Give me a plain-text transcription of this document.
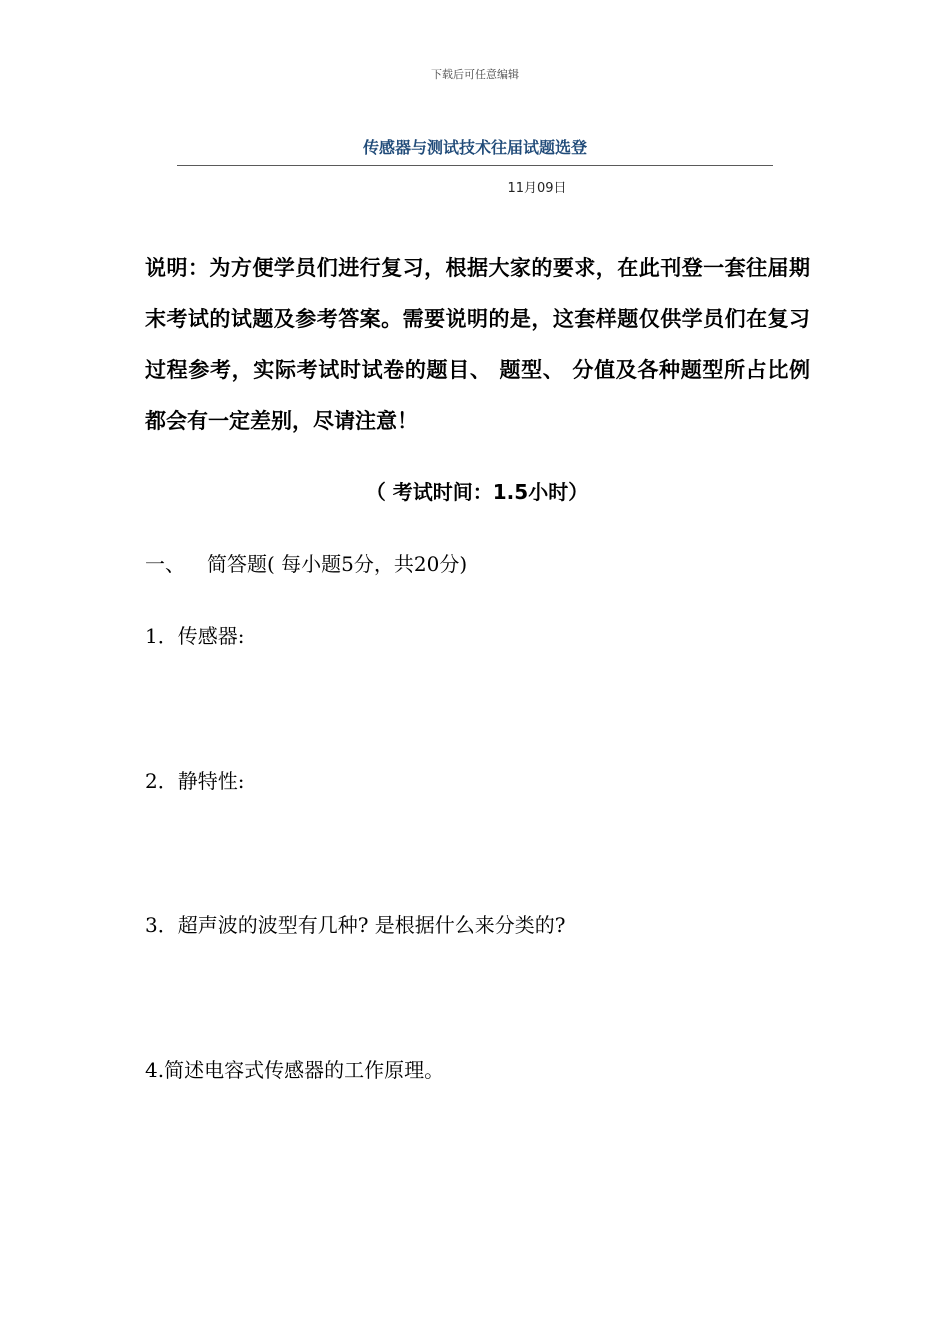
下载后可任意编辑
传感器与测试技术往届试题选登
11月09日
说明：为方便学员们进行复习，根据大家的要求，在此刊登一套往届期末考试的试题及参考答案。需要说明的是，这套样题仅供学员们在复习过程参考，实际考试时试卷的题目、 题型、 分值及各种题型所占比例都会有一定差别，尽请注意！
（ 考试时间：1.5小时）
一、 简答题( 每小题5分，共20分)
1．传感器:
2．静特性:
3．超声波的波型有几种? 是根据什么来分类的?
4.简述电容式传感器的工作原理。
